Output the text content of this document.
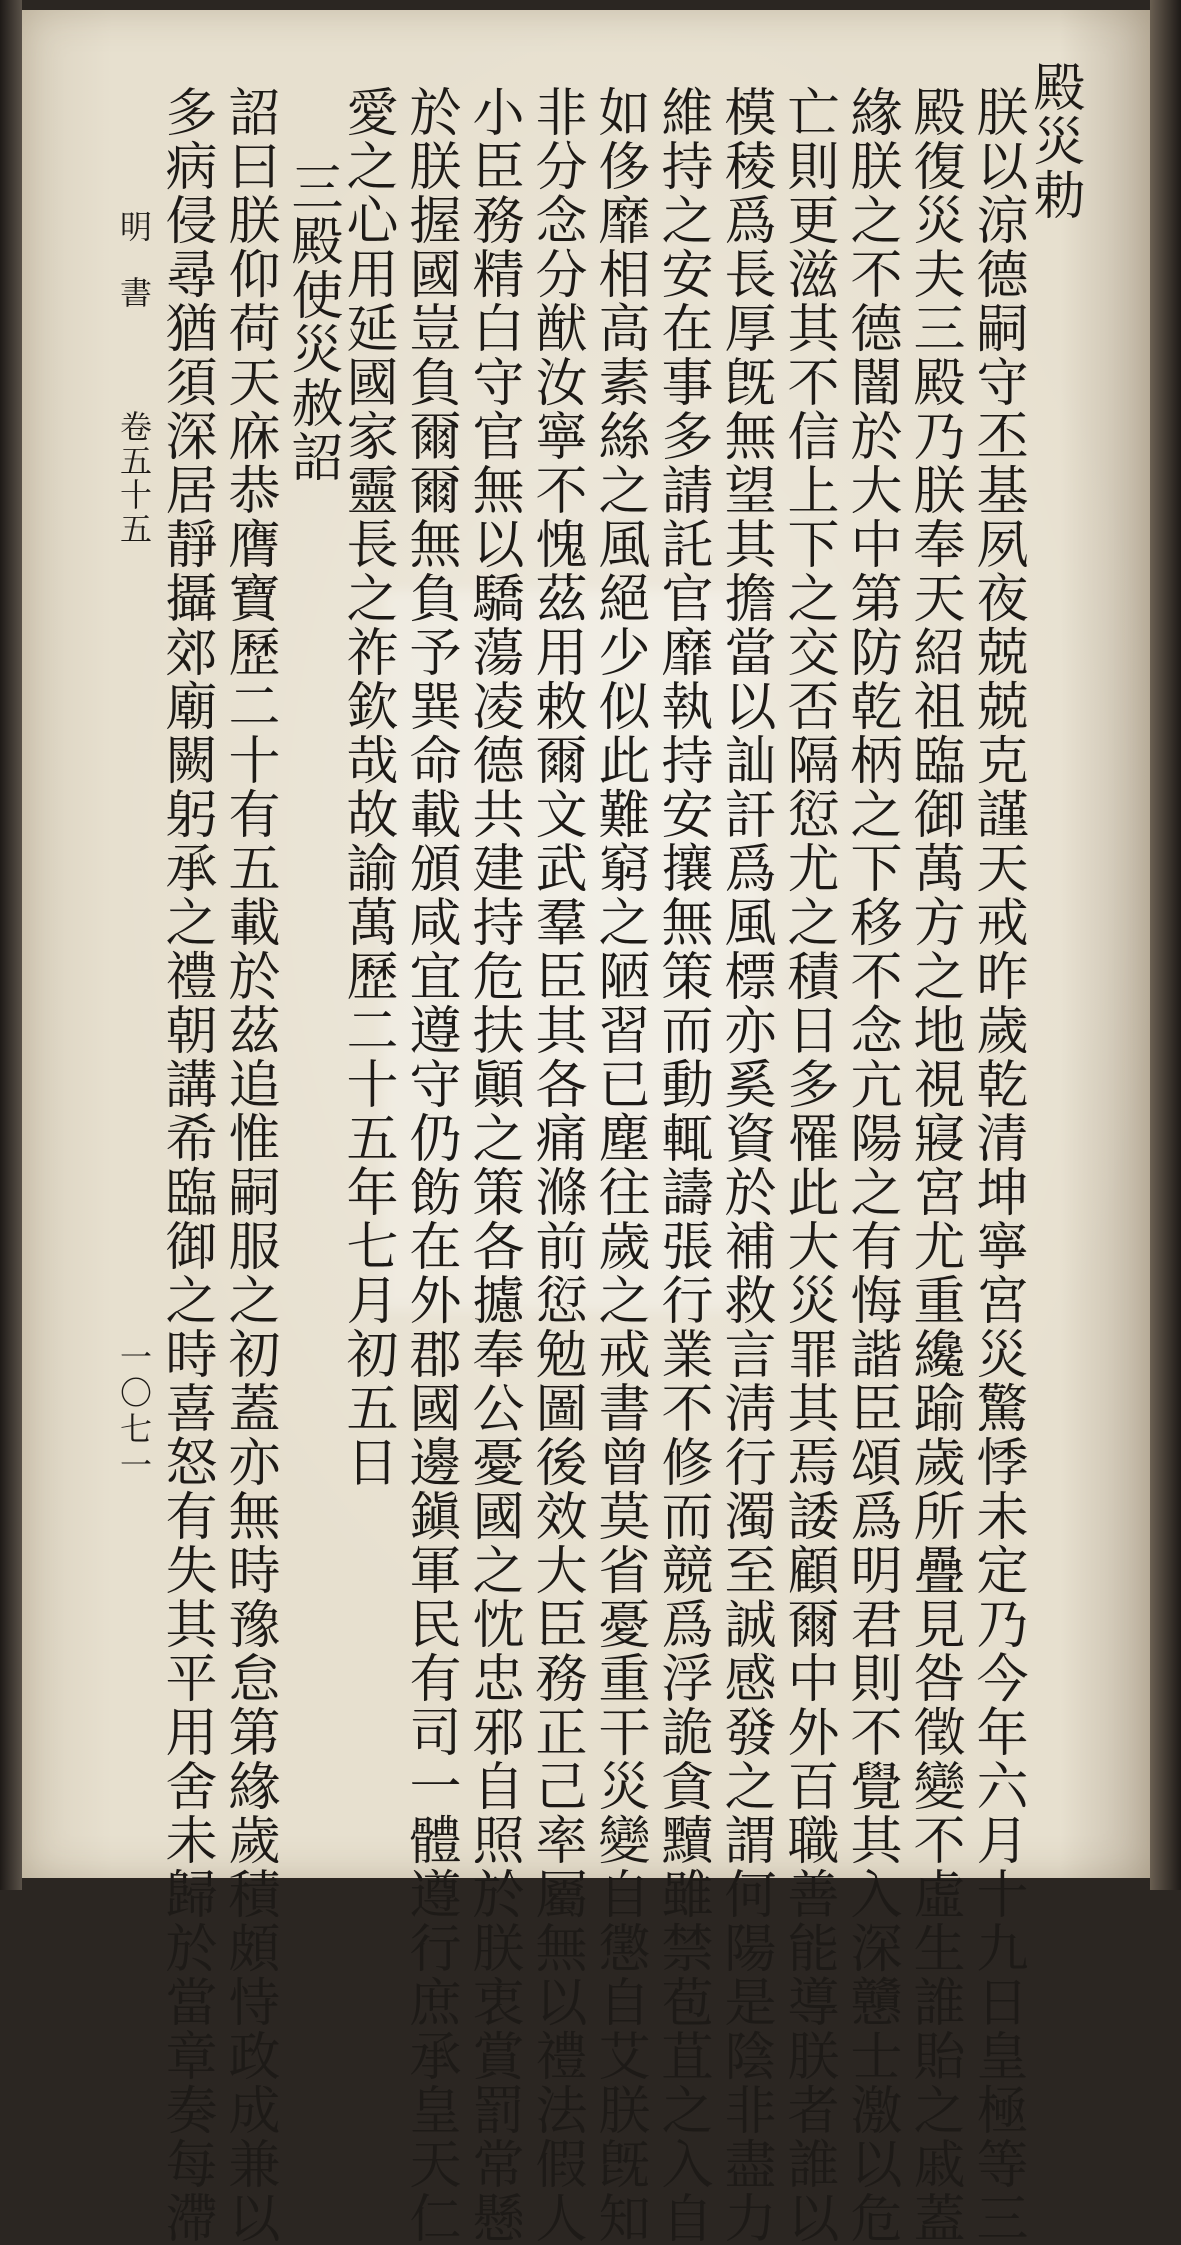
殿災勅
朕以涼德嗣守丕基夙夜兢兢克謹天戒昨歲乾清坤寧宮災驚悸未定乃今年六月十九日皇極等三
殿復災夫三殿乃朕奉天紹祖臨御萬方之地視寢宮尤重纔踰歲所疊見咎徵變不虛生誰貽之戚蓋
緣朕之不德闇於大中第防乾柄之下移不念亢陽之有悔諧臣頌爲明君則不覺其入深戇士激以危
亡則更滋其不信上下之交否隔愆尤之積日多罹此大災罪其焉諉顧爾中外百職善能導朕者誰以
模稜爲長厚旣無望其擔當以訕訐爲風標亦奚資於補救言淸行濁至誠感發之謂何陽是陰非盡力
維持之安在事多請託官靡執持安攘無策而動輒譸張行業不修而競爲浮詭貪黷雖禁苞苴之入自
如侈靡相高素絲之風絕少似此難窮之陋習已塵往歲之戒書曾莫省憂重干災變自懲自艾朕旣知
非分念分猷汝寧不愧茲用敕爾文武羣臣其各痛滌前愆勉圖後效大臣務正己率屬無以禮法假人
小臣務精白守官無以驕蕩凌德共建持危扶顚之策各攄奉公憂國之忱忠邪自照於朕衷賞罰常懸
於朕握國豈負爾爾無負予巽命載頒咸宜遵守仍飭在外郡國邊鎭軍民有司一體遵行庶承皇天仁
愛之心用延國家靈長之祚欽哉故諭萬歷二十五年七月初五日
三殿使災赦詔
詔曰朕仰荷天庥恭膺寶歷二十有五載於茲追惟嗣服之初蓋亦無時豫怠第緣歲積頗恃政成兼以
多病侵尋猶須深居靜攝郊廟闕躬承之禮朝講希臨御之時喜怒有失其平用舍未歸於當章奏每滯
明書
卷五十五
一〇七一
